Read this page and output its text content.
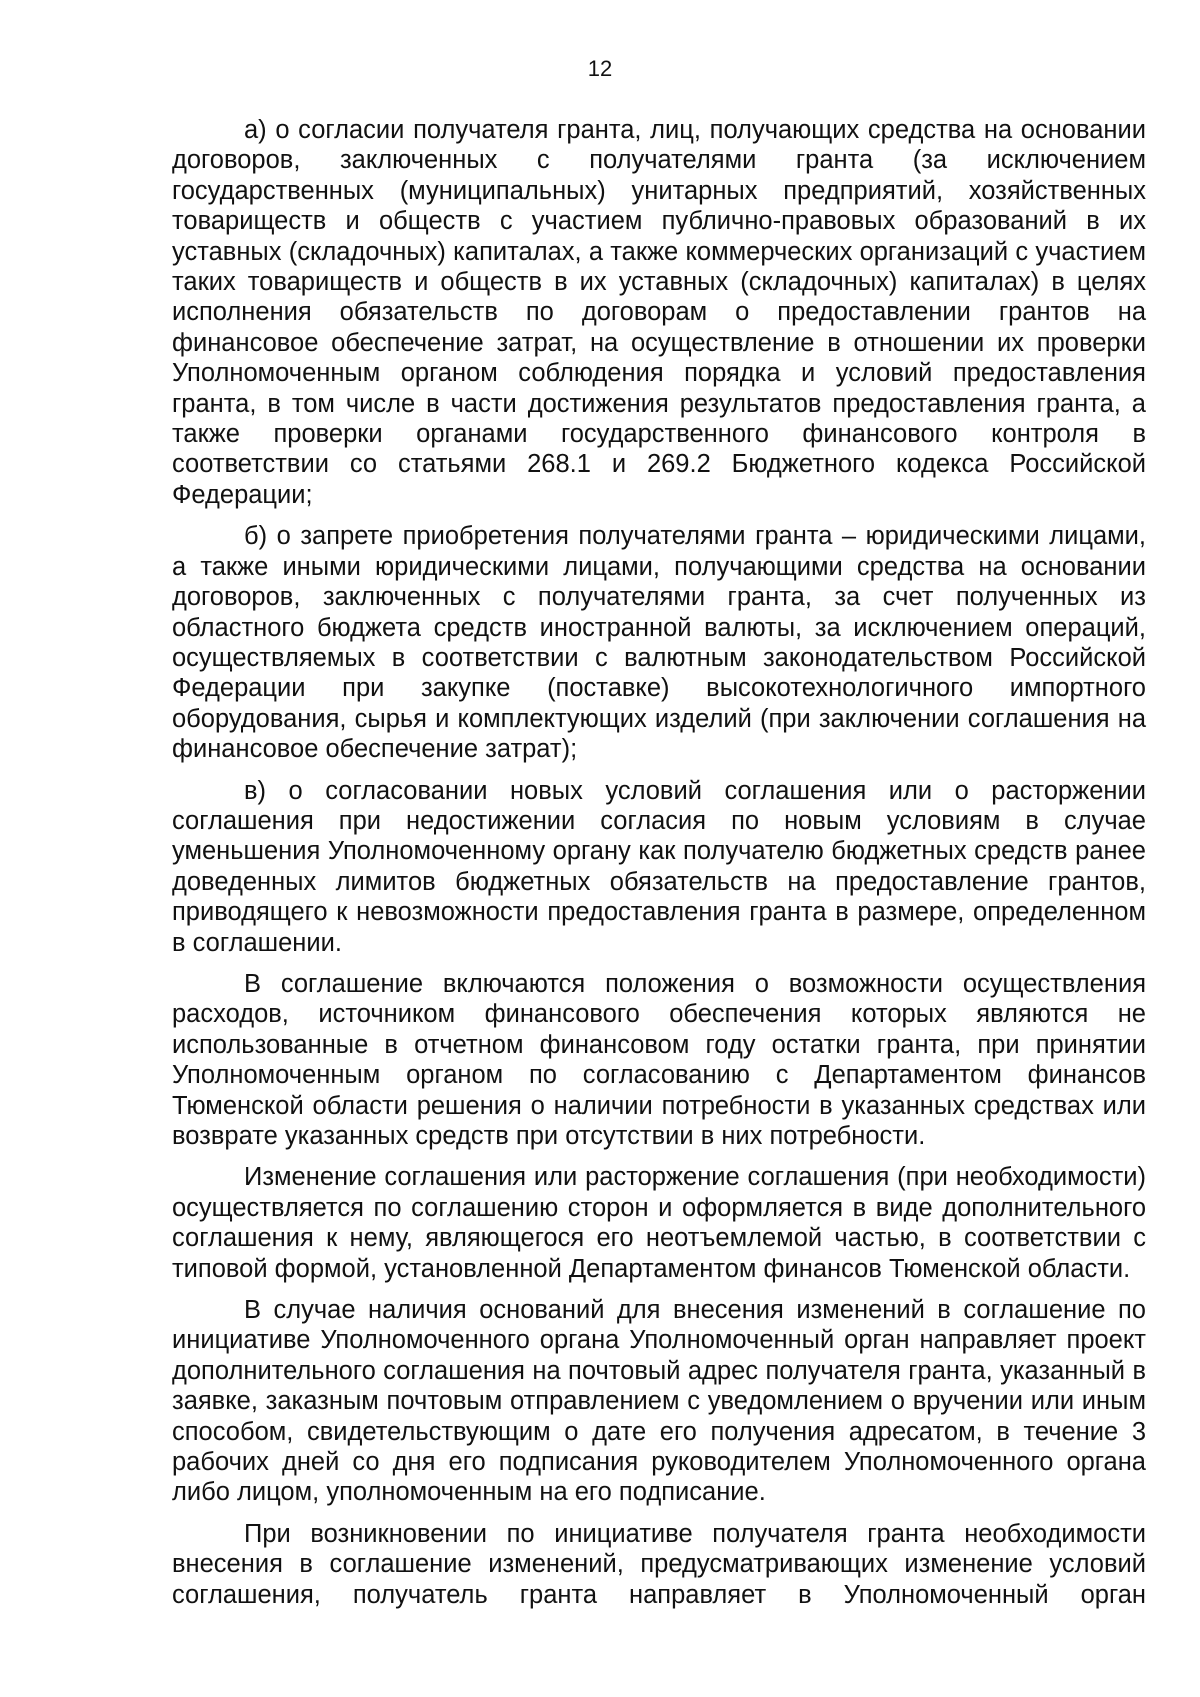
12

а) о согласии получателя гранта, лиц, получающих средства на основании договоров, заключенных с получателями гранта (за исключением государственных (муниципальных) унитарных предприятий, хозяйственных товариществ и обществ с участием публично-правовых образований в их уставных (складочных) капиталах, а также коммерческих организаций с участием таких товариществ и обществ в их уставных (складочных) капиталах) в целях исполнения обязательств по договорам о предоставлении грантов на финансовое обеспечение затрат, на осуществление в отношении их проверки Уполномоченным органом соблюдения порядка и условий предоставления гранта, в том числе в части достижения результатов предоставления гранта, а также проверки органами государственного финансового контроля в соответствии со статьями 268.1 и 269.2 Бюджетного кодекса Российской Федерации;

б) о запрете приобретения получателями гранта – юридическими лицами, а также иными юридическими лицами, получающими средства на основании договоров, заключенных с получателями гранта, за счет полученных из областного бюджета средств иностранной валюты, за исключением операций, осуществляемых в соответствии с валютным законодательством Российской Федерации при закупке (поставке) высокотехнологичного импортного оборудования, сырья и комплектующих изделий (при заключении соглашения на финансовое обеспечение затрат);

в) о согласовании новых условий соглашения или о расторжении соглашения при недостижении согласия по новым условиям в случае уменьшения Уполномоченному органу как получателю бюджетных средств ранее доведенных лимитов бюджетных обязательств на предоставление грантов, приводящего к невозможности предоставления гранта в размере, определенном в соглашении.

В соглашение включаются положения о возможности осуществления расходов, источником финансового обеспечения которых являются не использованные в отчетном финансовом году остатки гранта, при принятии Уполномоченным органом по согласованию с Департаментом финансов Тюменской области решения о наличии потребности в указанных средствах или возврате указанных средств при отсутствии в них потребности.

Изменение соглашения или расторжение соглашения (при необходимости) осуществляется по соглашению сторон и оформляется в виде дополнительного соглашения к нему, являющегося его неотъемлемой частью, в соответствии с типовой формой, установленной Департаментом финансов Тюменской области.

В случае наличия оснований для внесения изменений в соглашение по инициативе Уполномоченного органа Уполномоченный орган направляет проект дополнительного соглашения на почтовый адрес получателя гранта, указанный в заявке, заказным почтовым отправлением с уведомлением о вручении или иным способом, свидетельствующим о дате его получения адресатом, в течение 3 рабочих дней со дня его подписания руководителем Уполномоченного органа либо лицом, уполномоченным на его подписание.

При возникновении по инициативе получателя гранта необходимости внесения в соглашение изменений, предусматривающих изменение условий соглашения, получатель гранта направляет в Уполномоченный орган
